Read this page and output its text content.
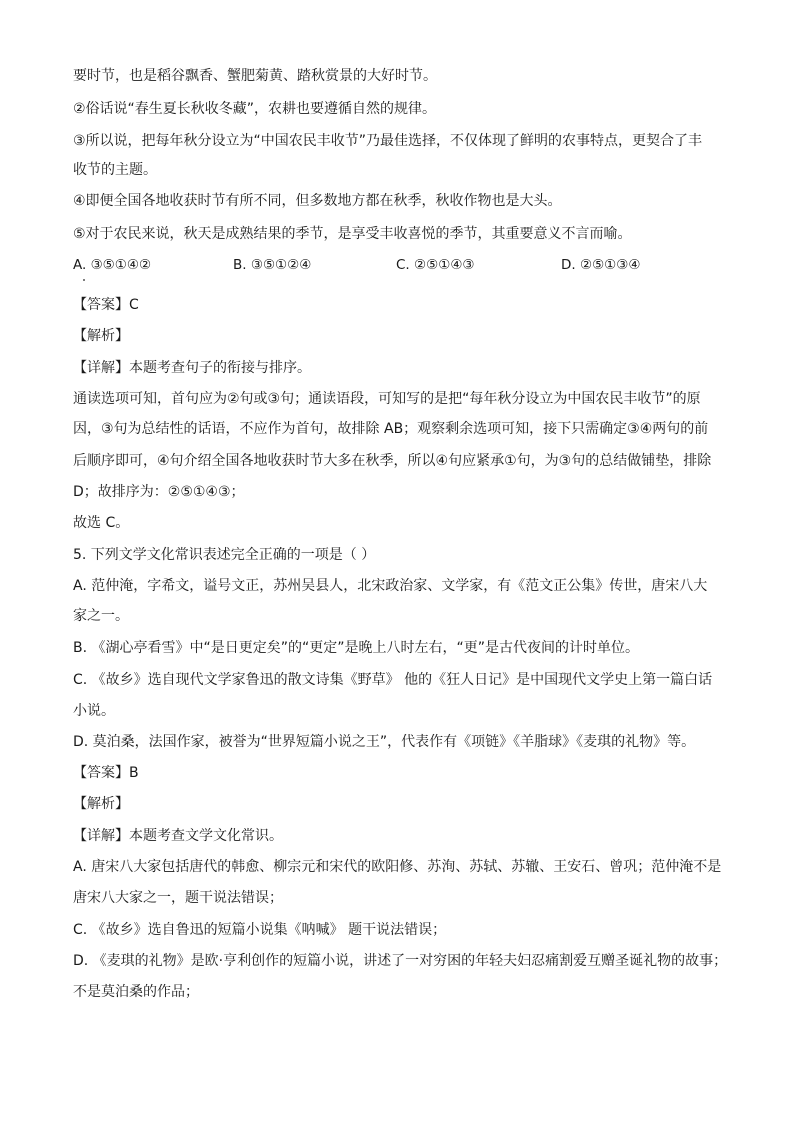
要时节，也是稻谷飘香、蟹肥菊黄、踏秋赏景的大好时节。
②俗话说“春生夏长秋收冬藏”，农耕也要遵循自然的规律。
③所以说，把每年秋分设立为“中国农民丰收节”乃最佳选择，不仅体现了鲜明的农事特点，更契合了丰
收节的主题。
④即便全国各地收获时节有所不同，但多数地方都在秋季，秋收作物也是大头。
⑤对于农民来说，秋天是成熟结果的季节，是享受丰收喜悦的季节，其重要意义不言而喻。
A. ③⑤①④②	B. ③⑤①②④	C. ②⑤①④③	D. ②⑤①③④
【答案】C
【解析】
【详解】本题考查句子的衔接与排序。
通读选项可知，首句应为②句或③句；通读语段，可知写的是把“每年秋分设立为中国农民丰收节”的原
因，③句为总结性的话语，不应作为首句，故排除 AB；观察剩余选项可知，接下只需确定③④两句的前
后顺序即可，④句介绍全国各地收获时节大多在秋季，所以④句应紧承①句，为③句的总结做铺垫，排除
D；故排序为：②⑤①④③；
故选 C。
5. 下列文学文化常识表述完全正确的一项是（ ）
A. 范仲淹，字希文，谥号文正，苏州吴县人，北宋政治家、文学家，有《范文正公集》传世，唐宋八大
家之一。
B. 《湖心亭看雪》中“是日更定矣”的“更定”是晚上八时左右，“更”是古代夜间的计时单位。
C. 《故乡》选自现代文学家鲁迅的散文诗集《野草》 他的《狂人日记》是中国现代文学史上第一篇白话
小说。
D. 莫泊桑，法国作家，被誉为“世界短篇小说之王”，代表作有《项链》《羊脂球》《麦琪的礼物》等。
【答案】B
【解析】
【详解】本题考查文学文化常识。
A. 唐宋八大家包括唐代的韩愈、柳宗元和宋代的欧阳修、苏洵、苏轼、苏辙、王安石、曾巩；范仲淹不是
唐宋八大家之一，题干说法错误；
C. 《故乡》选自鲁迅的短篇小说集《呐喊》 题干说法错误；
D. 《麦琪的礼物》是欧·亨利创作的短篇小说，讲述了一对穷困的年轻夫妇忍痛割爱互赠圣诞礼物的故事；
不是莫泊桑的作品；
